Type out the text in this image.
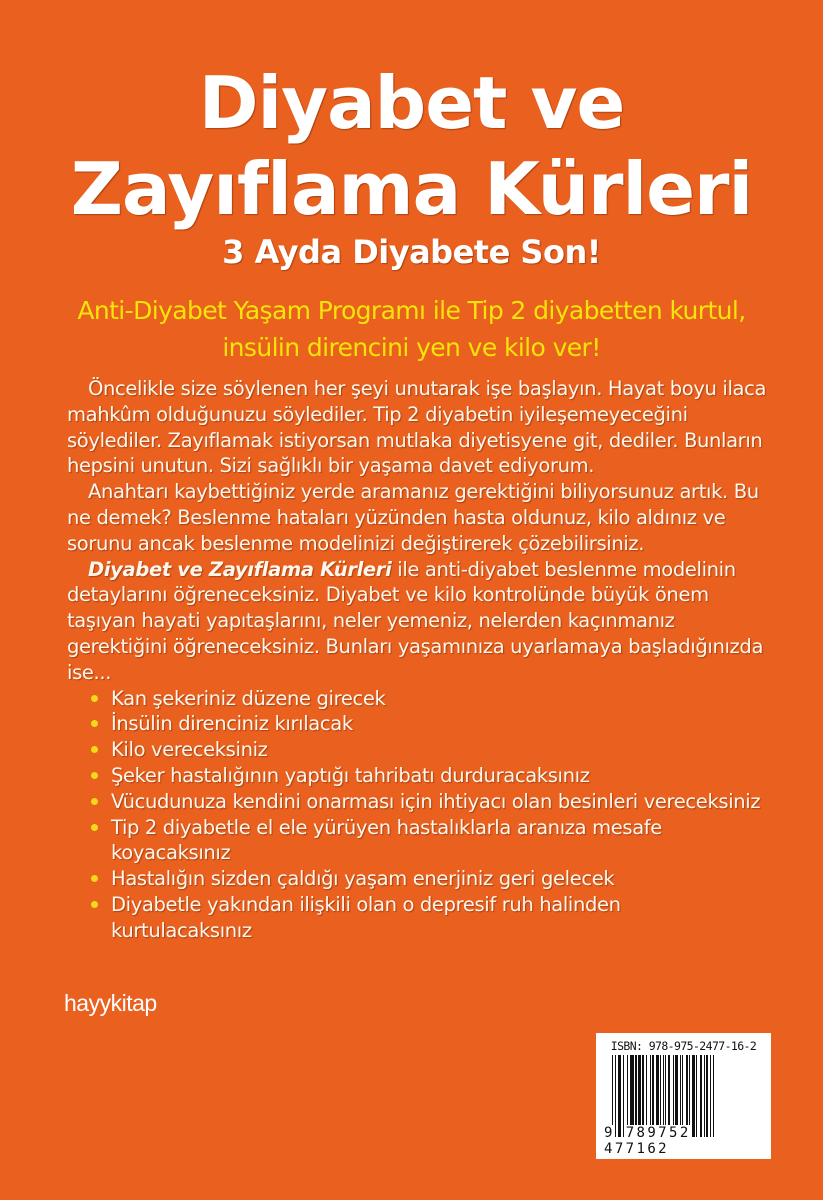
Diyabet ve
Zayıflama Kürleri
3 Ayda Diyabete Son!
Anti-Diyabet Yaşam Programı ile Tip 2 diyabetten kurtul,
insülin direncini yen ve kilo ver!

Öncelikle size söylenen her şeyi unutarak işe başlayın. Hayat boyu ilaca mahkûm olduğunuzu söylediler. Tip 2 diyabetin iyileşemeyeceğini söylediler. Zayıflamak istiyorsan mutlaka diyetisyene git, dediler. Bunların hepsini unutun. Sizi sağlıklı bir yaşama davet ediyorum.

Anahtarı kaybettiğiniz yerde aramanız gerektiğini biliyorsunuz artık. Bu ne demek? Beslenme hataları yüzünden hasta oldunuz, kilo aldınız ve sorunu ancak beslenme modelinizi değiştirerek çözebilirsiniz.

Diyabet ve Zayıflama Kürleri ile anti-diyabet beslenme modelinin detaylarını öğreneceksiniz. Diyabet ve kilo kontrolünde büyük önem taşıyan hayati yapıtaşlarını, neler yemeniz, nelerden kaçınmanız gerektiğini öğreneceksiniz. Bunları yaşamınıza uyarlamaya başladığınızda ise...

Kan şekeriniz düzene girecek
İnsülin direnciniz kırılacak
Kilo vereceksiniz
Şeker hastalığının yaptığı tahribatı durduracaksınız
Vücudunuza kendini onarması için ihtiyacı olan besinleri vereceksiniz
Tip 2 diyabetle el ele yürüyen hastalıklarla aranıza mesafe koyacaksınız
Hastalığın sizden çaldığı yaşam enerjiniz geri gelecek
Diyabetle yakından ilişkili olan o depresif ruh halinden kurtulacaksınız
hayykitap
ISBN: 978-975-2477-16-2
9 789752 477162
